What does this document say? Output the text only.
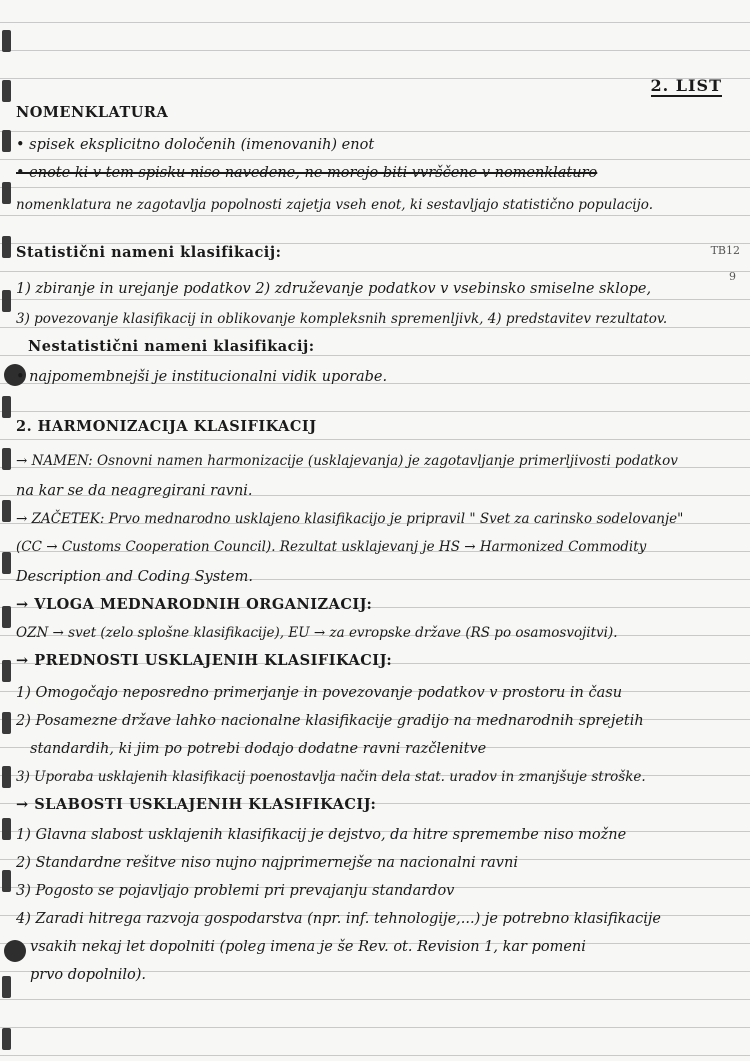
2. LIST
TB12
9
NOMENKLATURA
• spisek eksplicitno določenih (imenovanih) enot
• enote ki v tem spisku niso navedene, ne morejo biti vvrščene v nomenklaturo
nomenklatura ne zagotavlja popolnosti zajetja vseh enot, ki sestavljajo statistično populacijo.
Statistični nameni klasifikacij:
1) zbiranje in urejanje podatkov 2) združevanje podatkov v vsebinsko smiselne sklope,
3) povezovanje klasifikacij in oblikovanje kompleksnih spremenljivk, 4) predstavitev rezultatov.
Nestatistični nameni klasifikacij:
• najpomembnejši je institucionalni vidik uporabe.
2. HARMONIZACIJA KLASIFIKACIJ
→ NAMEN: Osnovni namen harmonizacije (usklajevanja) je zagotavljanje primerljivosti podatkov
na kar se da neagregirani ravni.
→ ZAČETEK: Prvo mednarodno usklajeno klasifikacijo je pripravil " Svet za carinsko sodelovanje"
(CC → Customs Cooperation Council). Rezultat usklajevanj je HS → Harmonized Commodity
Description and Coding System.
→ VLOGA MEDNARODNIH ORGANIZACIJ:
OZN → svet (zelo splošne klasifikacije), EU → za evropske države (RS po osamosvojitvi).
→ PREDNOSTI USKLAJENIH KLASIFIKACIJ:
1) Omogočajo neposredno primerjanje in povezovanje podatkov v prostoru in času
2) Posamezne države lahko nacionalne klasifikacije gradijo na mednarodnih sprejetih
standardih, ki jim po potrebi dodajo dodatne ravni razčlenitve
3) Uporaba usklajenih klasifikacij poenostavlja način dela stat. uradov in zmanjšuje stroške.
→ SLABOSTI USKLAJENIH KLASIFIKACIJ:
1) Glavna slabost usklajenih klasifikacij je dejstvo, da hitre spremembe niso možne
2) Standardne rešitve niso nujno najprimernejše na nacionalni ravni
3) Pogosto se pojavljajo problemi pri prevajanju standardov
4) Zaradi hitrega razvoja gospodarstva (npr. inf. tehnologije,...) je potrebno klasifikacije
vsakih nekaj let dopolniti (poleg imena je še Rev. ot. Revision 1, kar pomeni
prvo dopolnilo).
